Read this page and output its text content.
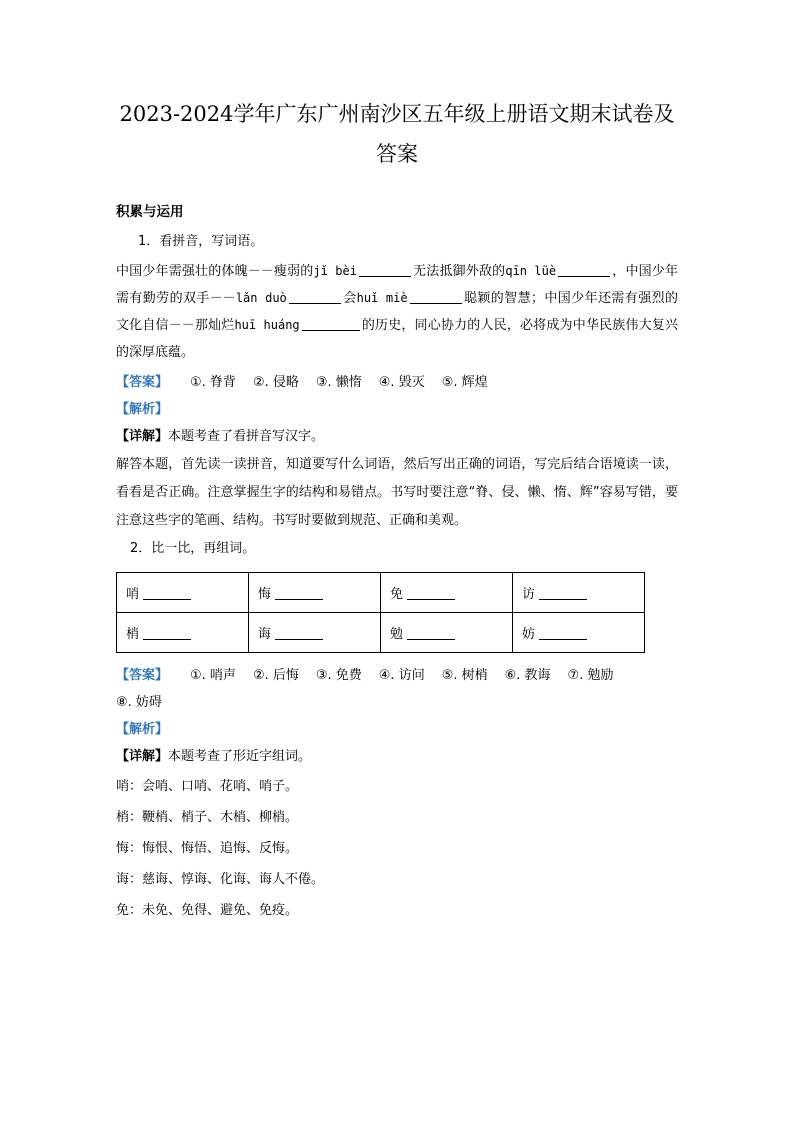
2023-2024学年广东广州南沙区五年级上册语文期末试卷及答案
积累与运用

1．看拼音，写词语。

中国少年需强壮的体魄－－瘦弱的jǐ bèi	无法抵御外敌的qīn lüè	，中国少年需有勤劳的双手－－lǎn duò	会huǐ miè	聪颖的智慧；中国少年还需有强烈的文化自信－－那灿烂huī huáng	的历史，同心协力的人民，必将成为中华民族伟大复兴的深厚底蕴。

【答案】 ①. 脊背 ②. 侵略 ③. 懒惰 ④. 毁灭 ⑤. 辉煌

【解析】

【详解】本题考查了看拼音写汉字。

解答本题，首先读一读拼音，知道要写什么词语，然后写出正确的词语，写完后结合语境读一读，看看是否正确。注意掌握生字的结构和易错点。书写时要注意“脊、侵、懒、惰、辉”容易写错，要注意这些字的笔画、结构。书写时要做到规范、正确和美观。

2．比一比，再组词。

哨	悔	免	访
梢	诲	勉	妨

【答案】 ①. 哨声 ②. 后悔 ③. 免费 ④. 访问 ⑤. 树梢 ⑥. 教诲 ⑦. 勉励⑧. 妨碍

【解析】

【详解】本题考查了形近字组词。

哨：会哨、口哨、花哨、哨子。

梢：鞭梢、梢子、木梢、柳梢。

悔：悔恨、悔悟、追悔、反悔。

诲：慈诲、惇诲、化诲、诲人不倦。

免：未免、免得、避免、免疫。
